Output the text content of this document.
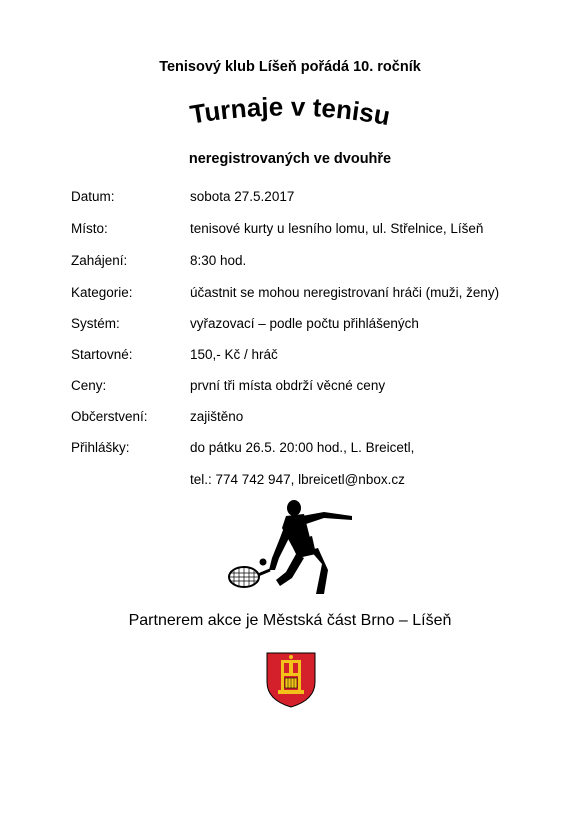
Tenisový klub Líšeň pořádá 10. ročník
Turnaje v tenisu
neregistrovaných ve dvouhře
Datum:	sobota 27.5.2017
Místo:	tenisové kurty u lesního lomu, ul. Střelnice, Líšeň
Zahájení:	8:30 hod.
Kategorie:	účastnit se mohou neregistrovaní hráči (muži, ženy)
Systém:	vyřazovací – podle počtu přihlášených
Startovné:	150,- Kč / hráč
Ceny:	první tři místa obdrží věcné ceny
Občerstvení:	zajištěno
Přihlášky:	do pátku 26.5. 20:00 hod., L. Breicetl,
tel.: 774 742 947, lbreicetl@nbox.cz
Partnerem akce je Městská část Brno – Líšeň
